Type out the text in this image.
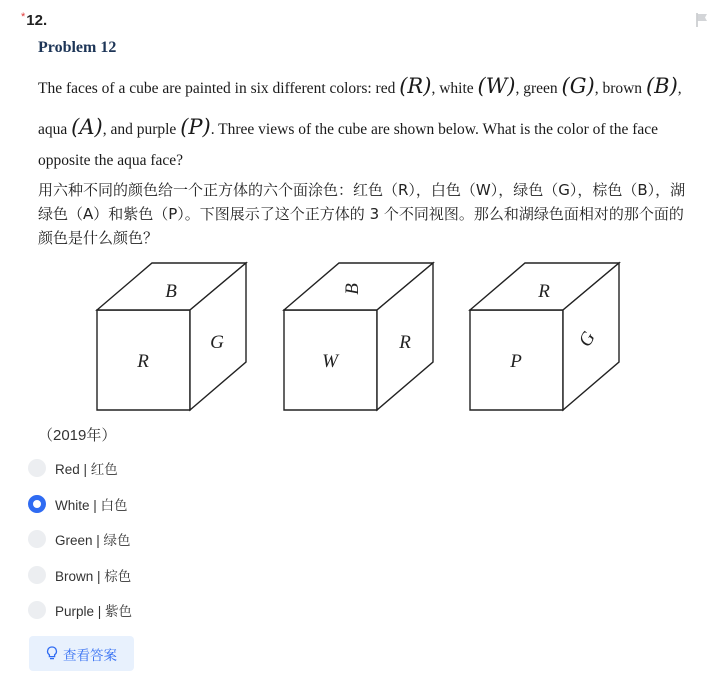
*12.
Problem 12
The faces of a cube are painted in six different colors: red (R), white (W), green (G), brown (B),
aqua (A), and purple (P). Three views of the cube are shown below. What is the color of the face
opposite the aqua face?
用六种不同的颜色给一个正方体的六个面涂色：红色（R），白色（W），绿色（G），棕色（B），湖绿色（A）和紫色（P）。下图展示了这个正方体的 3 个不同视图。那么和湖绿色面相对的那个面的颜色是什么颜色？
B
R
G
B
W
R
R
P
G
（2019年）
Red | 红色
White | 白色
Green | 绿色
Brown | 棕色
Purple | 紫色
查看答案
